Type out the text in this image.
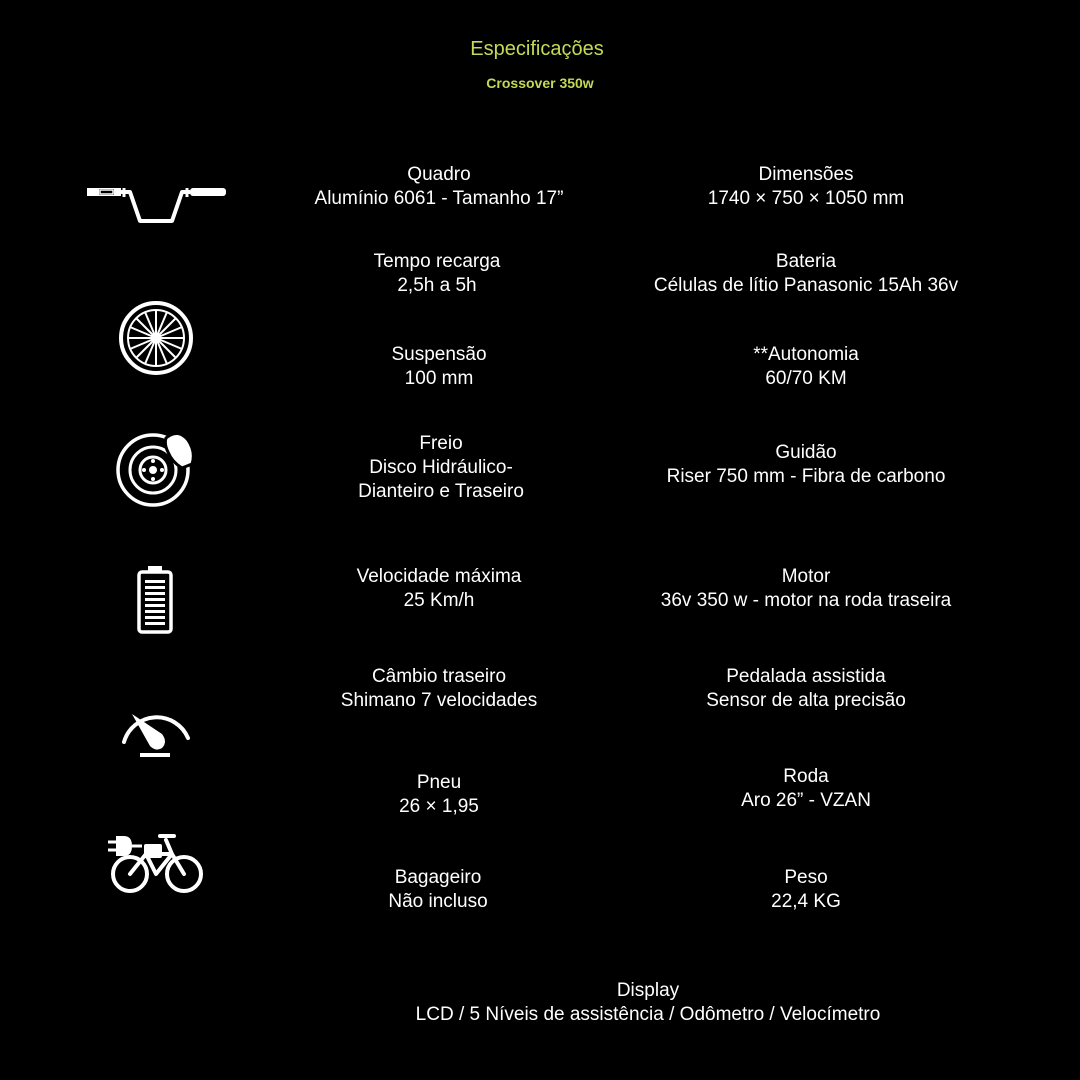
Especificações
Crossover 350w
Quadro
Alumínio 6061 - Tamanho 17”
Tempo recarga
2,5h a 5h
Suspensão
100 mm
Freio
Disco Hidráulico-
Dianteiro e Traseiro
Velocidade máxima
25 Km/h
Câmbio traseiro
Shimano 7 velocidades
Pneu
26 × 1,95
Bagageiro
Não incluso
Dimensões
1740 × 750 × 1050 mm
Bateria
Células de lítio Panasonic 15Ah 36v
**Autonomia
60/70 KM
Guidão
Riser 750 mm - Fibra de carbono
Motor
36v 350 w - motor na roda traseira
Pedalada assistida
Sensor de alta precisão
Roda
Aro 26” - VZAN
Peso
22,4 KG
Display
LCD / 5 Níveis de assistência / Odômetro / Velocímetro
